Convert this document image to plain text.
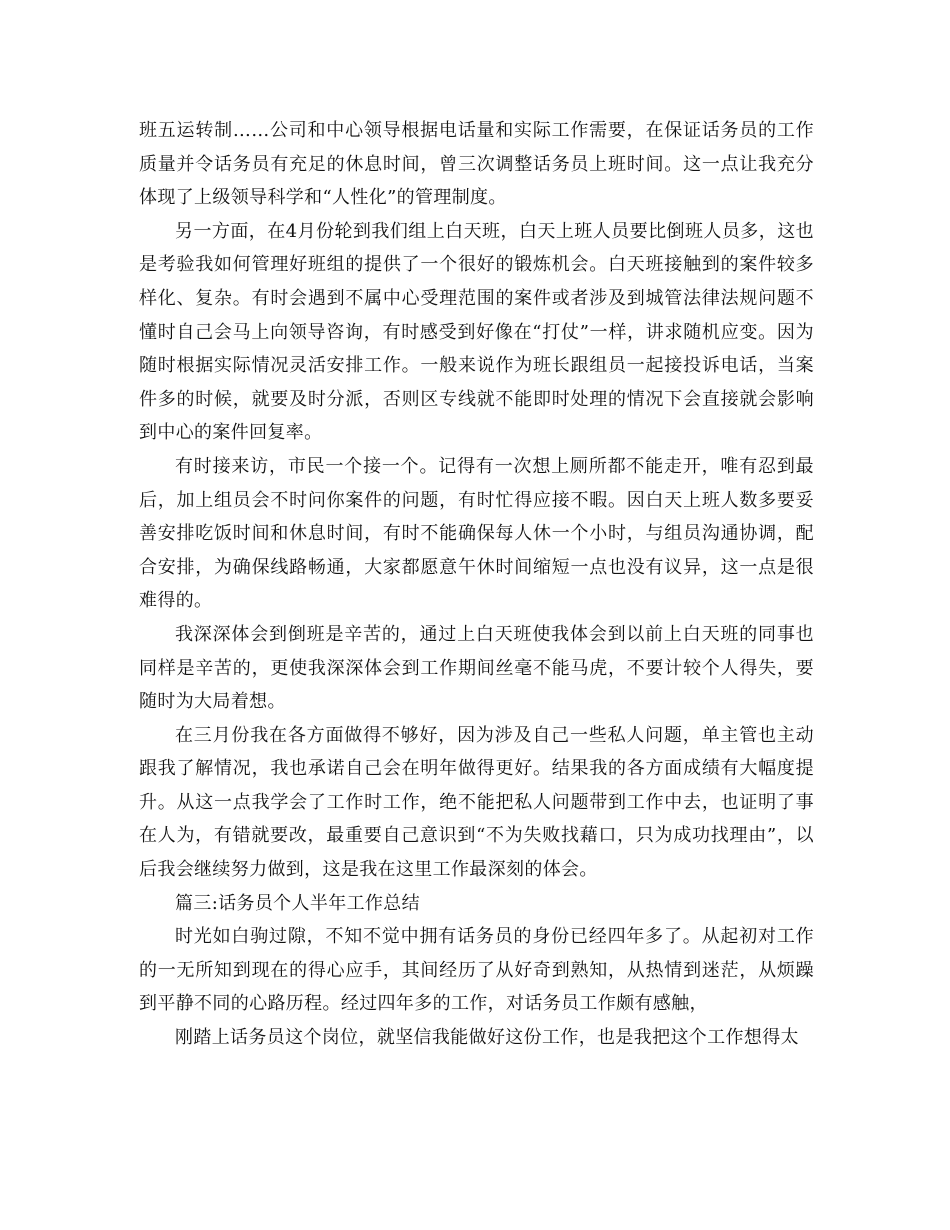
班五运转制……公司和中心领导根据电话量和实际工作需要，在保证话务员的工作质量并令话务员有充足的休息时间，曾三次调整话务员上班时间。这一点让我充分体现了上级领导科学和“人性化”的管理制度。

另一方面，在4月份轮到我们组上白天班，白天上班人员要比倒班人员多，这也是考验我如何管理好班组的提供了一个很好的锻炼机会。白天班接触到的案件较多样化、复杂。有时会遇到不属中心受理范围的案件或者涉及到城管法律法规问题不懂时自己会马上向领导咨询，有时感受到好像在“打仗”一样，讲求随机应变。因为随时根据实际情况灵活安排工作。一般来说作为班长跟组员一起接投诉电话，当案件多的时候，就要及时分派，否则区专线就不能即时处理的情况下会直接就会影响到中心的案件回复率。

有时接来访，市民一个接一个。记得有一次想上厕所都不能走开，唯有忍到最后，加上组员会不时问你案件的问题，有时忙得应接不暇。因白天上班人数多要妥善安排吃饭时间和休息时间，有时不能确保每人休一个小时，与组员沟通协调，配合安排，为确保线路畅通，大家都愿意午休时间缩短一点也没有议异，这一点是很难得的。

我深深体会到倒班是辛苦的，通过上白天班使我体会到以前上白天班的同事也同样是辛苦的，更使我深深体会到工作期间丝毫不能马虎，不要计较个人得失，要随时为大局着想。

在三月份我在各方面做得不够好，因为涉及自己一些私人问题，单主管也主动跟我了解情况，我也承诺自己会在明年做得更好。结果我的各方面成绩有大幅度提升。从这一点我学会了工作时工作，绝不能把私人问题带到工作中去，也证明了事在人为，有错就要改，最重要自己意识到“不为失败找藉口，只为成功找理由”，以后我会继续努力做到，这是我在这里工作最深刻的体会。

篇三:话务员个人半年工作总结

时光如白驹过隙，不知不觉中拥有话务员的身份已经四年多了。从起初对工作的一无所知到现在的得心应手，其间经历了从好奇到熟知，从热情到迷茫，从烦躁到平静不同的心路历程。经过四年多的工作，对话务员工作颇有感触，

刚踏上话务员这个岗位，就坚信我能做好这份工作，也是我把这个工作想得太
